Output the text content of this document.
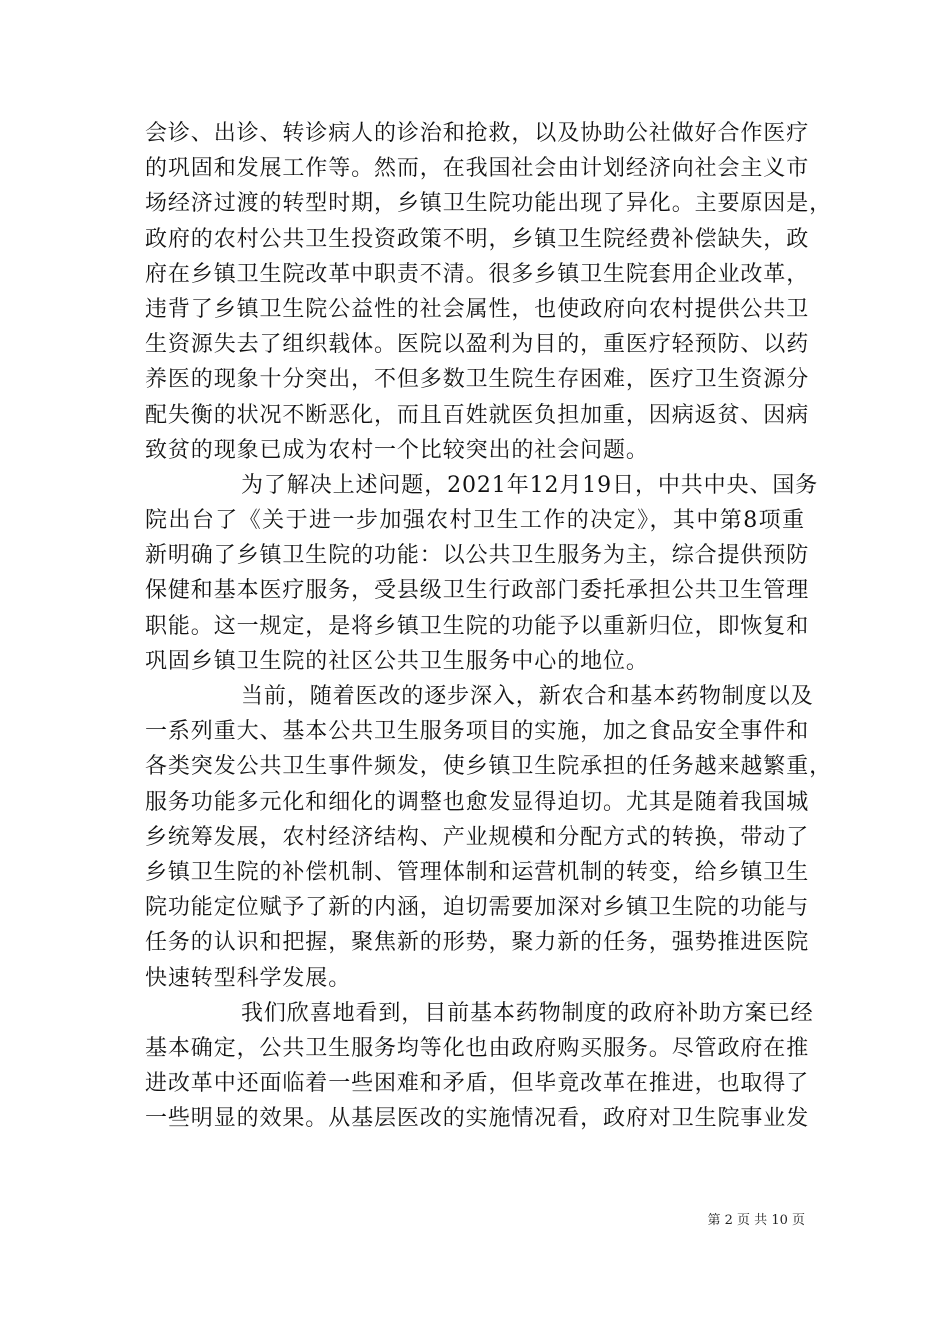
会诊、出诊、转诊病人的诊治和抢救，以及协助公社做好合作医疗
的巩固和发展工作等。然而，在我国社会由计划经济向社会主义市
场经济过渡的转型时期，乡镇卫生院功能出现了异化。主要原因是，
政府的农村公共卫生投资政策不明，乡镇卫生院经费补偿缺失，政
府在乡镇卫生院改革中职责不清。很多乡镇卫生院套用企业改革，
违背了乡镇卫生院公益性的社会属性，也使政府向农村提供公共卫
生资源失去了组织载体。医院以盈利为目的，重医疗轻预防、以药
养医的现象十分突出，不但多数卫生院生存困难，医疗卫生资源分
配失衡的状况不断恶化，而且百姓就医负担加重，因病返贫、因病
致贫的现象已成为农村一个比较突出的社会问题。
为了解决上述问题，2021年12月19日，中共中央、国务
院出台了《关于进一步加强农村卫生工作的决定》，其中第8项重
新明确了乡镇卫生院的功能：以公共卫生服务为主，综合提供预防
保健和基本医疗服务，受县级卫生行政部门委托承担公共卫生管理
职能。这一规定，是将乡镇卫生院的功能予以重新归位，即恢复和
巩固乡镇卫生院的社区公共卫生服务中心的地位。
当前，随着医改的逐步深入，新农合和基本药物制度以及
一系列重大、基本公共卫生服务项目的实施，加之食品安全事件和
各类突发公共卫生事件频发，使乡镇卫生院承担的任务越来越繁重，
服务功能多元化和细化的调整也愈发显得迫切。尤其是随着我国城
乡统筹发展，农村经济结构、产业规模和分配方式的转换，带动了
乡镇卫生院的补偿机制、管理体制和运营机制的转变，给乡镇卫生
院功能定位赋予了新的内涵，迫切需要加深对乡镇卫生院的功能与
任务的认识和把握，聚焦新的形势，聚力新的任务，强势推进医院
快速转型科学发展。
我们欣喜地看到，目前基本药物制度的政府补助方案已经
基本确定，公共卫生服务均等化也由政府购买服务。尽管政府在推
进改革中还面临着一些困难和矛盾，但毕竟改革在推进，也取得了
一些明显的效果。从基层医改的实施情况看，政府对卫生院事业发
第 2 页 共 10 页
